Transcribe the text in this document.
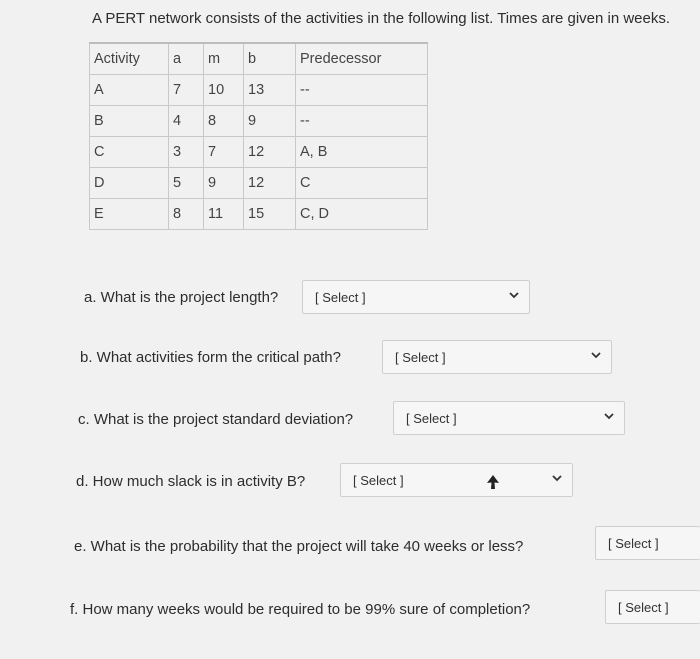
A PERT network consists of the activities in the following list. Times are given in weeks.
Activity	a	m	b	Predecessor
A	7	10	13	--
B	4	8	9	--
C	3	7	12	A, B
D	5	9	12	C
E	8	11	15	C, D
a. What is the project length?	[ Select ]
b. What activities form the critical path?	[ Select ]
c. What is the project standard deviation?	[ Select ]
d. How much slack is in activity B?	[ Select ]
e. What is the probability that the project will take 40 weeks or less?	[ Select ]
f. How many weeks would be required to be 99% sure of completion?	[ Select ]
